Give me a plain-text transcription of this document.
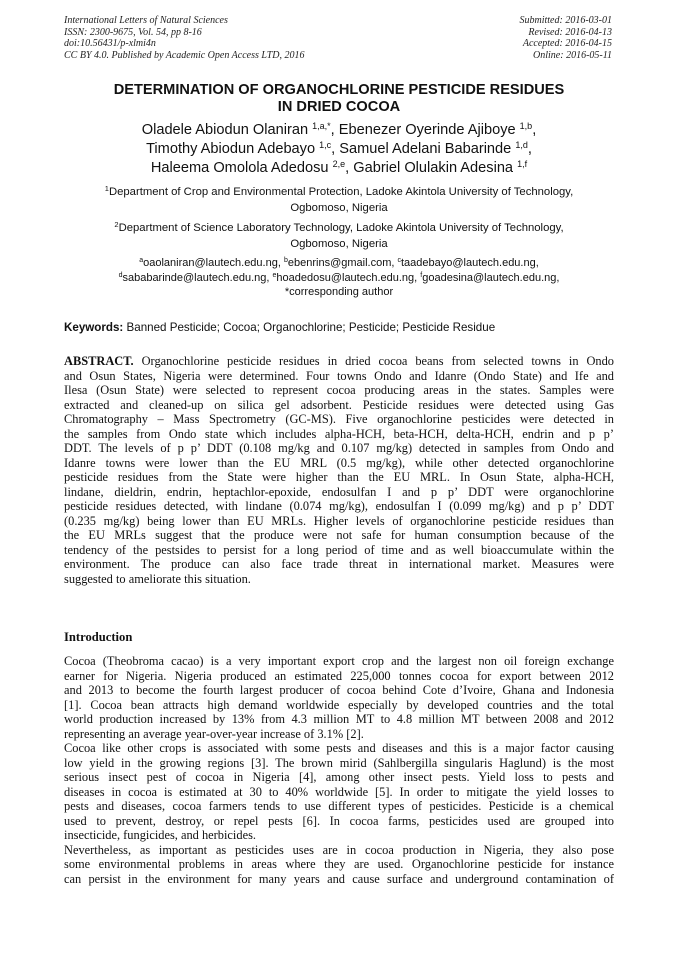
International Letters of Natural Sciences
ISSN: 2300-9675, Vol. 54, pp 8-16
doi:10.56431/p-xlmi4n
CC BY 4.0. Published by Academic Open Access LTD, 2016
Submitted: 2016-03-01
Revised: 2016-04-13
Accepted: 2016-04-15
Online: 2016-05-11
DETERMINATION OF ORGANOCHLORINE PESTICIDE RESIDUES
IN DRIED COCOA
Oladele Abiodun Olaniran $^{1,a,*}$, Ebenezer Oyerinde Ajiboye $^{1,b}$,
Timothy Abiodun Adebayo $^{1,c}$, Samuel Adelani Babarinde $^{1,d}$,
Haleema Omolola Adedosu $^{2,e}$, Gabriel Olulakin Adesina $^{1,f}$
$^1$Department of Crop and Environmental Protection, Ladoke Akintola University of Technology,
Ogbomoso, Nigeria
$^2$Department of Science Laboratory Technology, Ladoke Akintola University of Technology,
Ogbomoso, Nigeria
$^a$oaolaniran@lautech.edu.ng, $^b$ebenrins@gmail.com, $^c$taadebayo@lautech.edu.ng,
$^d$sababarinde@lautech.edu.ng, $^e$hoadedosu@lautech.edu.ng, $^f$goadesina@lautech.edu.ng,
*corresponding author
Keywords: Banned Pesticide; Cocoa; Organochlorine; Pesticide; Pesticide Residue
ABSTRACT. Organochlorine pesticide residues in dried cocoa beans from selected towns in Ondo
and Osun States, Nigeria were determined. Four towns Ondo and Idanre (Ondo State) and Ife and
Ilesa (Osun State) were selected to represent cocoa producing areas in the states. Samples were
extracted and cleaned-up on silica gel adsorbent. Pesticide residues were detected using Gas
Chromatography – Mass Spectrometry (GC-MS). Five organochlorine pesticides were detected in
the samples from Ondo state which includes alpha-HCH, beta-HCH, delta-HCH, endrin and p p’
DDT. The levels of p p’ DDT (0.108 mg/kg and 0.107 mg/kg) detected in samples from Ondo and
Idanre towns were lower than the EU MRL (0.5 mg/kg), while other detected organochlorine
pesticide residues from the State were higher than the EU MRL. In Osun State, alpha-HCH,
lindane, dieldrin, endrin, heptachlor-epoxide, endosulfan I and p p’ DDT were organochlorine
pesticide residues detected, with lindane (0.074 mg/kg), endosulfan I (0.099 mg/kg) and p p’ DDT
(0.235 mg/kg) being lower than EU MRLs. Higher levels of organochlorine pesticide residues than
the EU MRLs suggest that the produce were not safe for human consumption because of the
tendency of the pestsides to persist for a long period of time and as well bioaccumulate within the
environment. The produce can also face trade threat in international market. Measures were
suggested to ameliorate this situation.
Introduction
Cocoa (Theobroma cacao) is a very important export crop and the largest non oil foreign exchange
earner for Nigeria. Nigeria produced an estimated 225,000 tonnes cocoa for export between 2012
and 2013 to become the fourth largest producer of cocoa behind Cote d’Ivoire, Ghana and Indonesia
[1]. Cocoa bean attracts high demand worldwide especially by developed countries and the total
world production increased by 13% from 4.3 million MT to 4.8 million MT between 2008 and 2012
representing an average year-over-year increase of 3.1% [2].
Cocoa like other crops is associated with some pests and diseases and this is a major factor causing
low yield in the growing regions [3]. The brown mirid (Sahlbergilla singularis Haglund) is the most
serious insect pest of cocoa in Nigeria [4], among other insect pests. Yield loss to pests and
diseases in cocoa is estimated at 30 to 40% worldwide [5]. In order to mitigate the yield losses to
pests and diseases, cocoa farmers tends to use different types of pesticides. Pesticide is a chemical
used to prevent, destroy, or repel pests [6]. In cocoa farms, pesticides used are grouped into
insecticide, fungicides, and herbicides.
Nevertheless, as important as pesticides uses are in cocoa production in Nigeria, they also pose
some environmental problems in areas where they are used. Organochlorine pesticide for instance
can persist in the environment for many years and cause surface and underground contamination of
